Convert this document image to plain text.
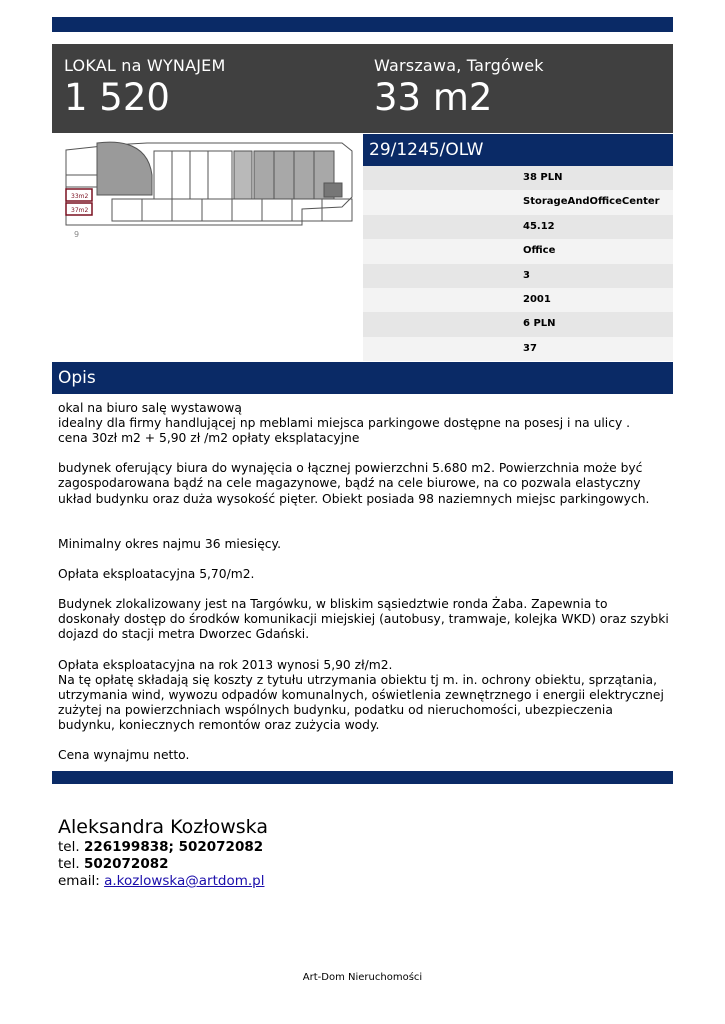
LOKAL na WYNAJEM
1 520
Warszawa, Targówek
33 m2
33m2
37m2
9
29/1245/OLW
38 PLN
StorageAndOfficeCenter
45.12
Office
3
2001
6 PLN
37
Opis

okal na biuro salę wystawową

idealny dla firmy handlującej np meblami miejsca parkingowe dostępne na posesj i na ulicy .

cena 30zł m2 + 5,90 zł /m2 opłaty eksplatacyjne

budynek oferujący biura do wynajęcia o łącznej powierzchni 5.680 m2. Powierzchnia może być

zagospodarowana bądź na cele magazynowe, bądź na cele biurowe, na co pozwala elastyczny

układ budynku oraz duża wysokość pięter. Obiekt posiada 98 naziemnych miejsc parkingowych.

Minimalny okres najmu 36 miesięcy.

Opłata eksploatacyjna 5,70/m2.

Budynek zlokalizowany jest na Targówku, w bliskim sąsiedztwie ronda Żaba. Zapewnia to

doskonały dostęp do środków komunikacji miejskiej (autobusy, tramwaje, kolejka WKD) oraz szybki

dojazd do stacji metra Dworzec Gdański.

Opłata eksploatacyjna na rok 2013 wynosi 5,90 zł/m2.

Na tę opłatę składają się koszty z tytułu utrzymania obiektu tj m. in. ochrony obiektu, sprzątania,

utrzymania wind, wywozu odpadów komunalnych, oświetlenia zewnętrznego i energii elektrycznej

zużytej na powierzchniach wspólnych budynku, podatku od nieruchomości, ubezpieczenia

budynku, koniecznych remontów oraz zużycia wody.

Cena wynajmu netto.

Aleksandra Kozłowska
tel. 226199838; 502072082
tel. 502072082
email: a.kozlowska@artdom.pl
Art-Dom Nieruchomości
